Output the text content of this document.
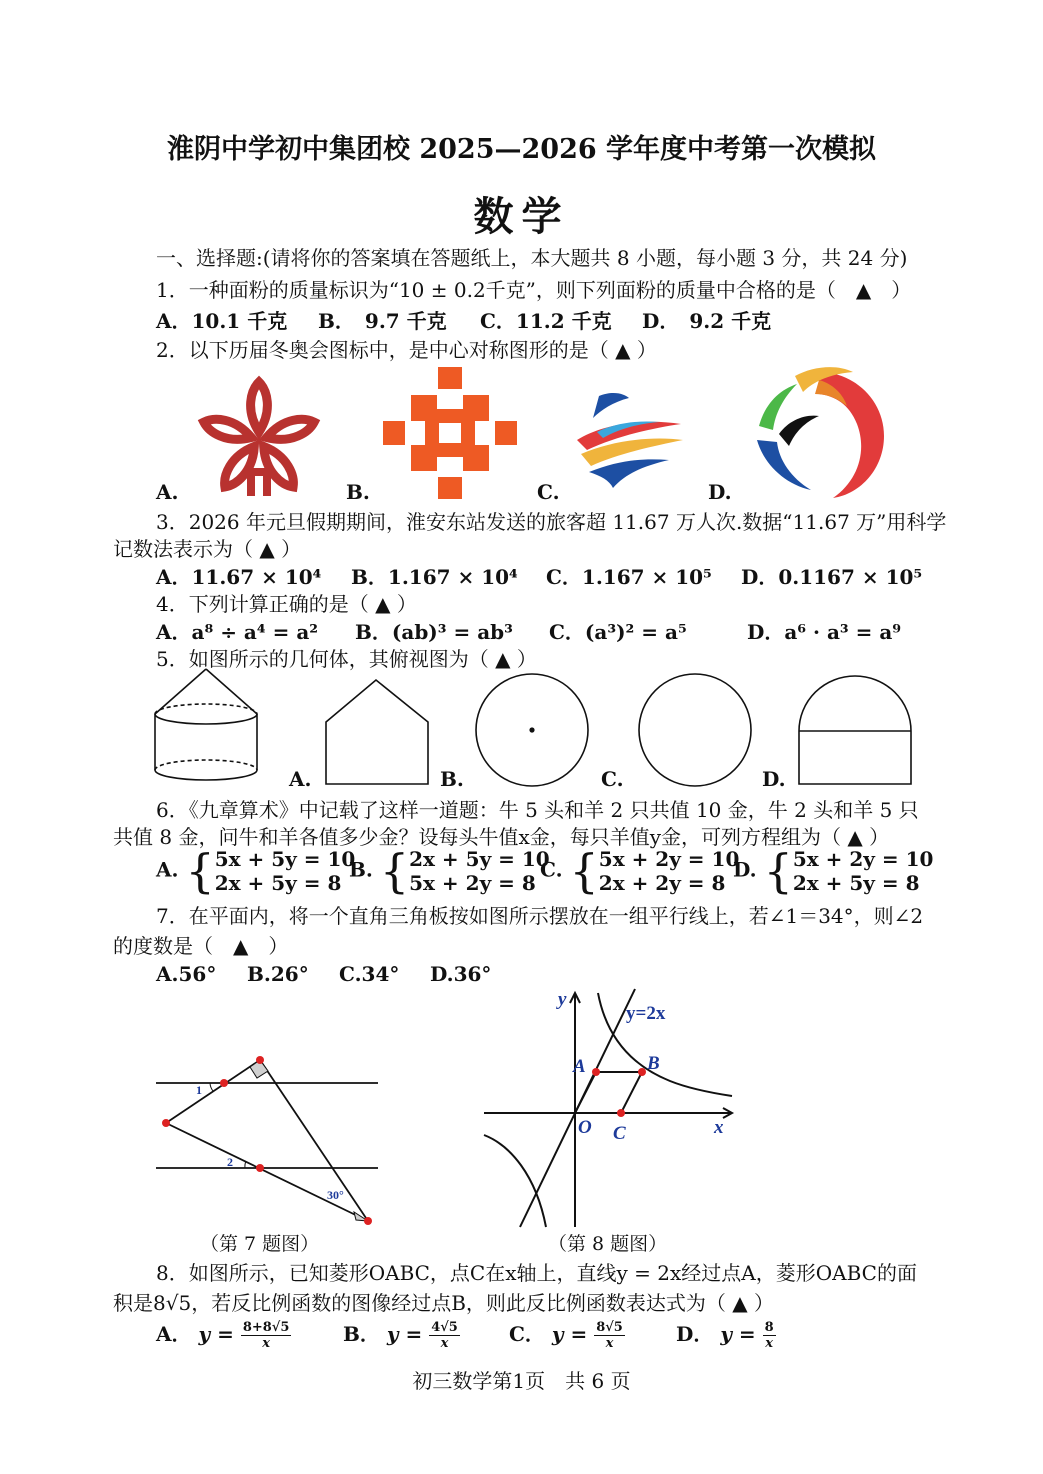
淮阴中学初中集团校 2025—2026 学年度中考第一次模拟
数学
一、选择题:(请将你的答案填在答题纸上，本大题共 8 小题，每小题 3 分，共 24 分)
1．一种面粉的质量标识为“10 ± 0.2千克”，则下列面粉的质量中合格的是（　▲　）
A．10.1 千克 B．　9.7 千克 C．11.2 千克 D．　9.2 千克
2．以下历届冬奥会图标中，是中心对称图形的是（ ▲ ）
A.	B.	C.	D.
3．2026 年元旦假期期间，淮安东站发送的旅客超 11.67 万人次.数据“11.67 万”用科学
记数法表示为（ ▲ ）
A．11.67 × 10⁴ B．1.167 × 10⁴ C．1.167 × 10⁵ D．0.1167 × 10⁵
4．下列计算正确的是（ ▲ ）
A．a⁸ ÷ a⁴ = a² B．(ab)³ = ab³ C．(a³)² = a⁵	D．a⁶ · a³ = a⁹
5．如图所示的几何体，其俯视图为（ ▲ ）
A.	B.	C.	D.
6．《九章算术》中记载了这样一道题：牛 5 头和羊 2 只共值 10 金，牛 2 头和羊 5 只
共值 8 金，问牛和羊各值多少金？设每头牛值x金，每只羊值y金，可列方程组为（ ▲ ）
A. { 5x + 5y = 10
2x + 5y = 8
B. { 2x + 5y = 10
5x + 2y = 8
C. { 5x + 2y = 10
2x + 2y = 8
D. { 5x + 2y = 10
2x + 5y = 8
7．在平面内，将一个直角三角板按如图所示摆放在一组平行线上，若∠1＝34°，则∠2
的度数是（　▲　）
A.56° B.26° C.34° D.36°
1
2
30°
（第 7 题图）
y
x
y=2x
A	B
O C
（第 8 题图）
8．如图所示，已知菱形OABC，点C在x轴上，直线y = 2x经过点A，菱形OABC的面
积是8√5，若反比例函数的图像经过点B，则此反比例函数表达式为（ ▲ ）
A． $y = \frac{8+8√5}{x}$	B． $y = \frac{4√5}{x}$ C． $y = \frac{8√5}{x}$	D． $y = \frac{8}{x}$
初三数学第1页　共 6 页
